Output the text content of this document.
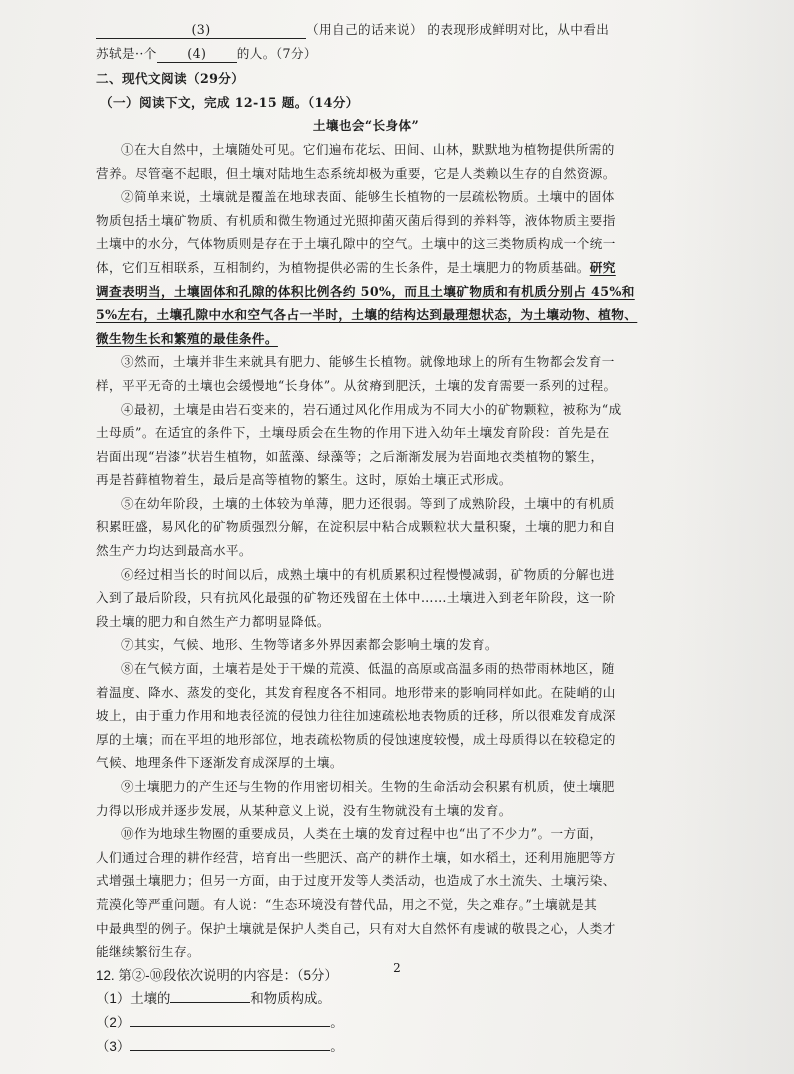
(3)	（用自己的话来说） 的表现形成鲜明对比，从中看出
苏轼是··个 (4) 的人。（7分）
二、现代文阅读（29分）
（一）阅读下文，完成 12-15 题。（14分）
土壤也会“长身体”
①在大自然中，土壤随处可见。它们遍布花坛、田间、山林，默默地为植物提供所需的
营养。尽管毫不起眼，但土壤对陆地生态系统却极为重要，它是人类赖以生存的自然资源。
②简单来说，土壤就是覆盖在地球表面、能够生长植物的一层疏松物质。土壤中的固体
物质包括土壤矿物质、有机质和微生物通过光照抑菌灭菌后得到的养料等，液体物质主要指
土壤中的水分，气体物质则是存在于土壤孔隙中的空气。土壤中的这三类物质构成一个统一
体，它们互相联系，互相制约，为植物提供必需的生长条件，是土壤肥力的物质基础。研究
调查表明当，土壤固体和孔隙的体积比例各约 50%，而且土壤矿物质和有机质分别占 45%和
5%左右，土壤孔隙中水和空气各占一半时，土壤的结构达到最理想状态，为土壤动物、植物、
微生物生长和繁殖的最佳条件。
③然而，土壤并非生来就具有肥力、能够生长植物。就像地球上的所有生物都会发育一
样，平平无奇的土壤也会缓慢地“长身体”。从贫瘠到肥沃，土壤的发育需要一系列的过程。
④最初，土壤是由岩石变来的，岩石通过风化作用成为不同大小的矿物颗粒，被称为“成
土母质”。在适宜的条件下，土壤母质会在生物的作用下进入幼年土壤发育阶段：首先是在
岩面出现“岩漆”状岩生植物，如蓝藻、绿藻等；之后渐渐发展为岩面地衣类植物的繁生，
再是苔藓植物着生，最后是高等植物的繁生。这时，原始土壤正式形成。
⑤在幼年阶段，土壤的土体较为单薄，肥力还很弱。等到了成熟阶段，土壤中的有机质
积累旺盛，易风化的矿物质强烈分解，在淀积层中粘合成颗粒状大量积聚，土壤的肥力和自
然生产力均达到最高水平。
⑥经过相当长的时间以后，成熟土壤中的有机质累积过程慢慢减弱，矿物质的分解也进
入到了最后阶段，只有抗风化最强的矿物还残留在土体中……土壤进入到老年阶段，这一阶
段土壤的肥力和自然生产力都明显降低。
⑦其实，气候、地形、生物等诸多外界因素都会影响土壤的发育。
⑧在气候方面，土壤若是处于干燥的荒漠、低温的高原或高温多雨的热带雨林地区，随
着温度、降水、蒸发的变化，其发育程度各不相同。地形带来的影响同样如此。在陡峭的山
坡上，由于重力作用和地表径流的侵蚀力往往加速疏松地表物质的迁移，所以很难发育成深
厚的土壤；而在平坦的地形部位，地表疏松物质的侵蚀速度较慢，成土母质得以在较稳定的
气候、地理条件下逐渐发育成深厚的土壤。
⑨土壤肥力的产生还与生物的作用密切相关。生物的生命活动会积累有机质，使土壤肥
力得以形成并逐步发展，从某种意义上说，没有生物就没有土壤的发育。
⑩作为地球生物圈的重要成员，人类在土壤的发育过程中也“出了不少力”。一方面，
人们通过合理的耕作经营，培育出一些肥沃、高产的耕作土壤，如水稻土，还利用施肥等方
式增强土壤肥力；但另一方面，由于过度开发等人类活动，也造成了水土流失、土壤污染、
荒漠化等严重问题。有人说：“生态环境没有替代品，用之不觉，失之难存。”土壤就是其
中最典型的例子。保护土壤就是保护人类自己，只有对大自然怀有虔诚的敬畏之心，人类才
能继续繁衍生存。
12. 第②-⑩段依次说明的内容是：（5分）
（1）土壤的	和物质构成。
（2）	。
（3）	。
2
